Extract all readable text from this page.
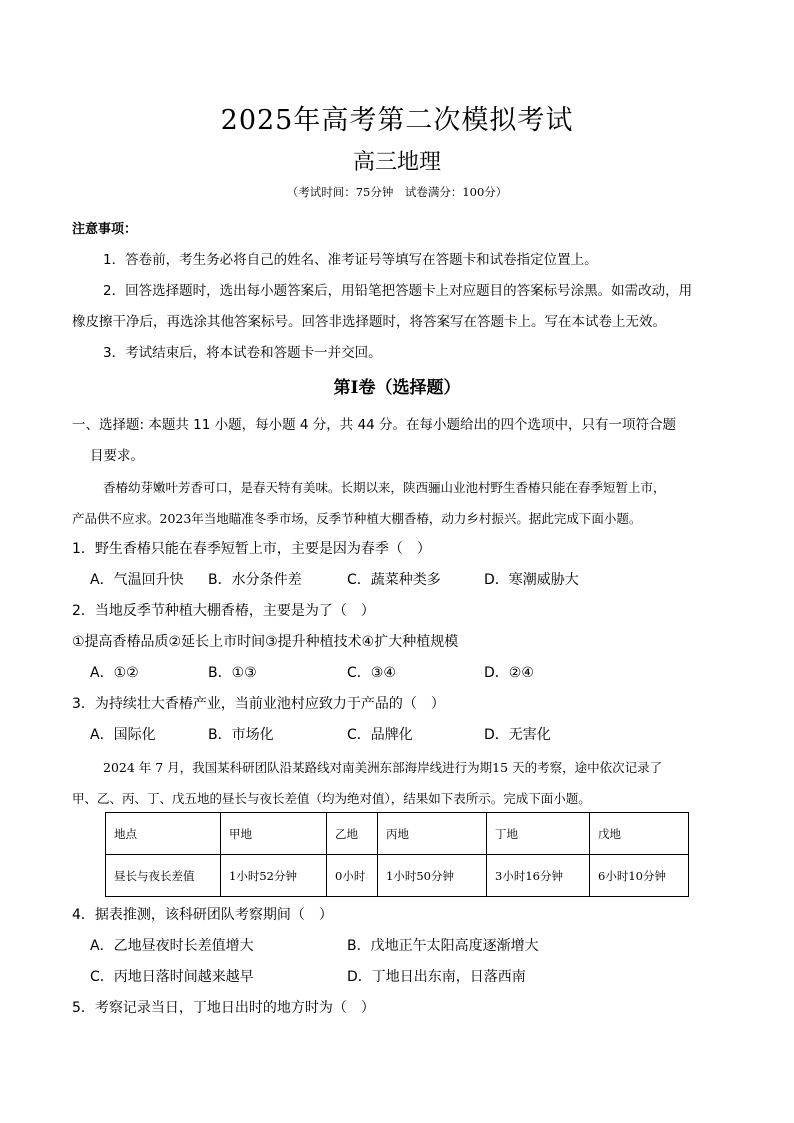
2025年高考第二次模拟考试
高三地理
（考试时间：75分钟　试卷满分：100分）
注意事项：
1．答卷前，考生务必将自己的姓名、准考证号等填写在答题卡和试卷指定位置上。
2．回答选择题时，选出每小题答案后，用铅笔把答题卡上对应题目的答案标号涂黑。如需改动，用
橡皮擦干净后，再选涂其他答案标号。回答非选择题时，将答案写在答题卡上。写在本试卷上无效。
3．考试结束后，将本试卷和答题卡一并交回。
第Ⅰ卷（选择题）
一、选择题: 本题共 11 小题，每小题 4 分，共 44 分。在每小题给出的四个选项中，只有一项符合题
目要求。
香椿幼芽嫩叶芳香可口，是春天特有美味。长期以来，陕西骊山业池村野生香椿只能在春季短暂上市，
产品供不应求。2023年当地瞄准冬季市场，反季节种植大棚香椿，动力乡村振兴。据此完成下面小题。
1．野生香椿只能在春季短暂上市，主要是因为春季（　）
A．气温回升快 B．水分条件差	C．蔬菜种类多	D．寒潮威胁大
2．当地反季节种植大棚香椿，主要是为了（　）
①提高香椿品质②延长上市时间③提升种植技术④扩大种植规模
A．①②	B．①③	C．③④	D．②④
3．为持续壮大香椿产业，当前业池村应致力于产品的（　）
A．国际化	B．市场化	C．品牌化	D．无害化
2024 年 7 月，我国某科研团队沿某路线对南美洲东部海岸线进行为期15 天的考察，途中依次记录了
甲、乙、丙、丁、戊五地的昼长与夜长差值（均为绝对值），结果如下表所示。完成下面小题。
地点	甲地	乙地	丙地	丁地	戊地
昼长与夜长差值	1小时52分钟	0小时	1小时50分钟	3小时16分钟	6小时10分钟
4．据表推测，该科研团队考察期间（　）
A．乙地昼夜时长差值增大	B．戊地正午太阳高度逐渐增大
C．丙地日落时间越来越早	D．丁地日出东南，日落西南
5．考察记录当日，丁地日出时的地方时为（　）
